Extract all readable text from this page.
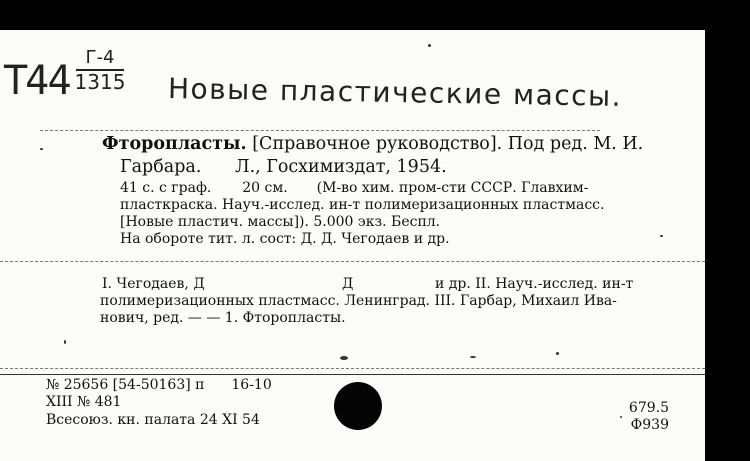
Т44
Г-4
1315 Новые пластические массы.
Фторопласты. [Справочное руководство]. Под ред. М. И.
Гарбара. Л., Госхимиздат, 1954.
41 с. с граф. 20 см. (М-во хим. пром-сти СССР. Главхим-
пласткраска. Науч.-исслед. ин-т полимеризационных пластмасс.
[Новые пластич. массы]). 5.000 экз. Беспл.
На обороте тит. л. сост: Д. Д. Чегодаев и др.
I. Чегодаев, Д	Д	и др. II. Науч.-исслед. ин-т
полимеризационных пластмасс. Ленинград. III. Гарбар, Михаил Ива-
нович, ред. — — 1. Фторопласты.
№ 25656 [54-50163] п 16-10
XIII № 481
Всесоюз. кн. палата 24 XI 54
679.5
Ф939
